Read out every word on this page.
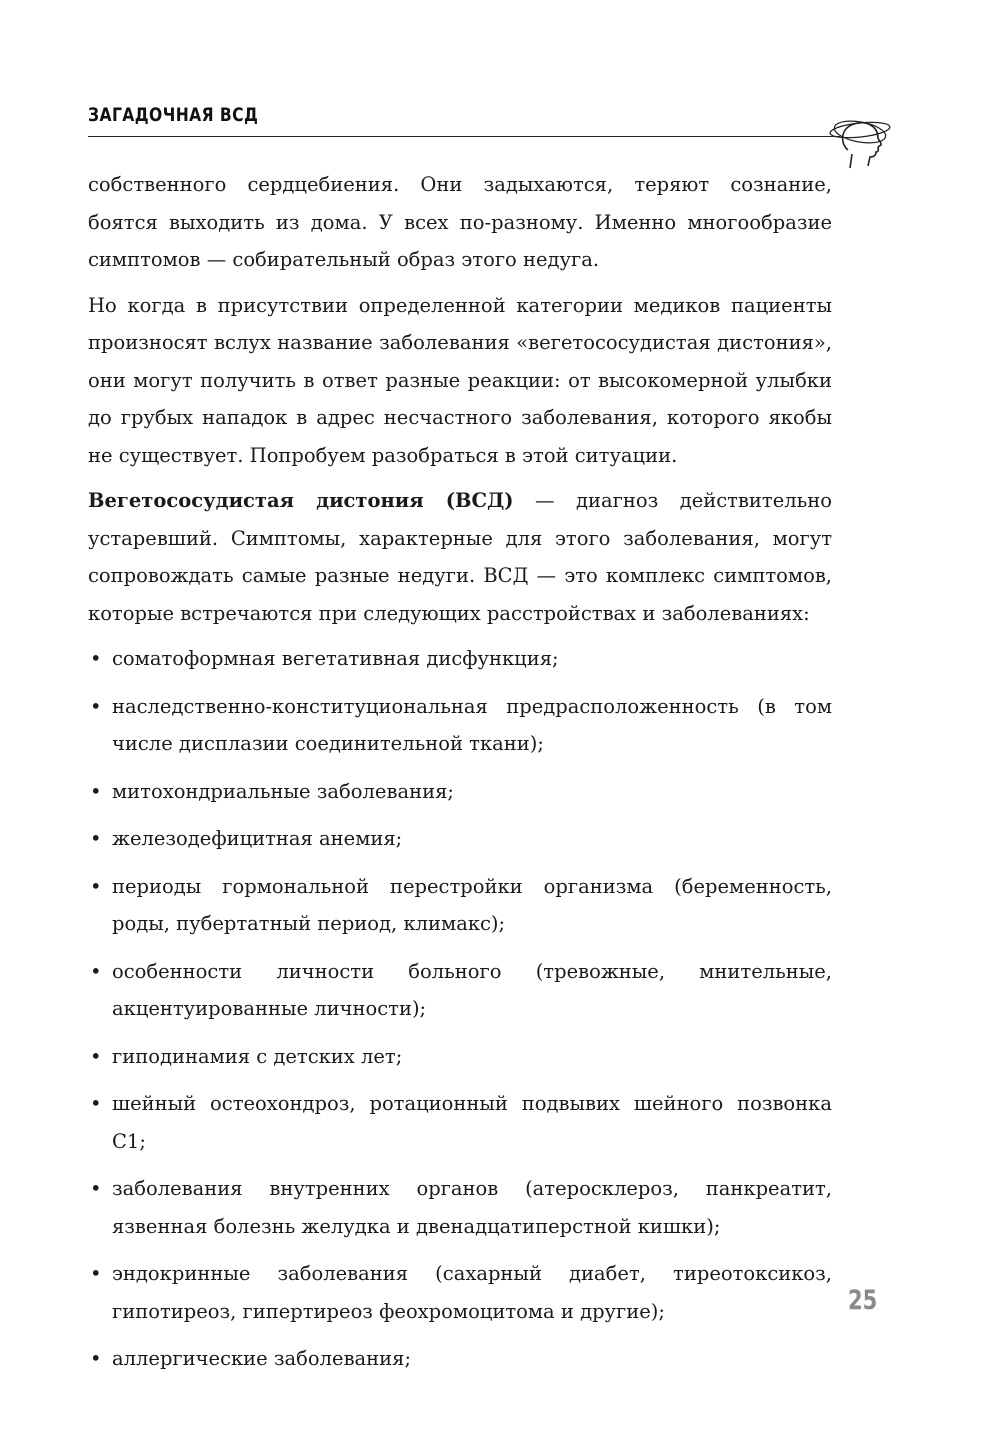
ЗАГАДОЧНАЯ ВСД

собственного сердцебиения. Они задыхаются, теряют сознание, боятся выходить из дома. У всех по-разному. Именно многообразие симптомов — собирательный образ этого недуга.

Но когда в присутствии определенной категории медиков пациенты произносят вслух название заболевания «вегетососудистая дистония», они могут получить в ответ разные реакции: от высокомерной улыбки до грубых нападок в адрес несчастного заболевания, которого якобы не существует. Попробуем разобраться в этой ситуации.

Вегетососудистая дистония (ВСД) — диагноз действительно устаревший. Симптомы, характерные для этого заболевания, могут сопровождать самые разные недуги. ВСД — это комплекс симптомов, которые встречаются при следующих расстройствах и заболеваниях:

• соматоформная вегетативная дисфункция;
• наследственно-конституциональная предрасположенность (в том числе дисплазии соединительной ткани);
• митохондриальные заболевания;
• железодефицитная анемия;
• периоды гормональной перестройки организма (беременность, роды, пубертатный период, климакс);
• особенности личности больного (тревожные, мнительные, акцентуированные личности);
• гиподинамия с детских лет;
• шейный остеохондроз, ротационный подвывих шейного позвонка С1;
• заболевания внутренних органов (атеросклероз, панкреатит, язвенная болезнь желудка и двенадцатиперстной кишки);
• эндокринные заболевания (сахарный диабет, тиреотоксикоз, гипотиреоз, гипертиреоз феохромоцитома и другие);
• аллергические заболевания;
25
